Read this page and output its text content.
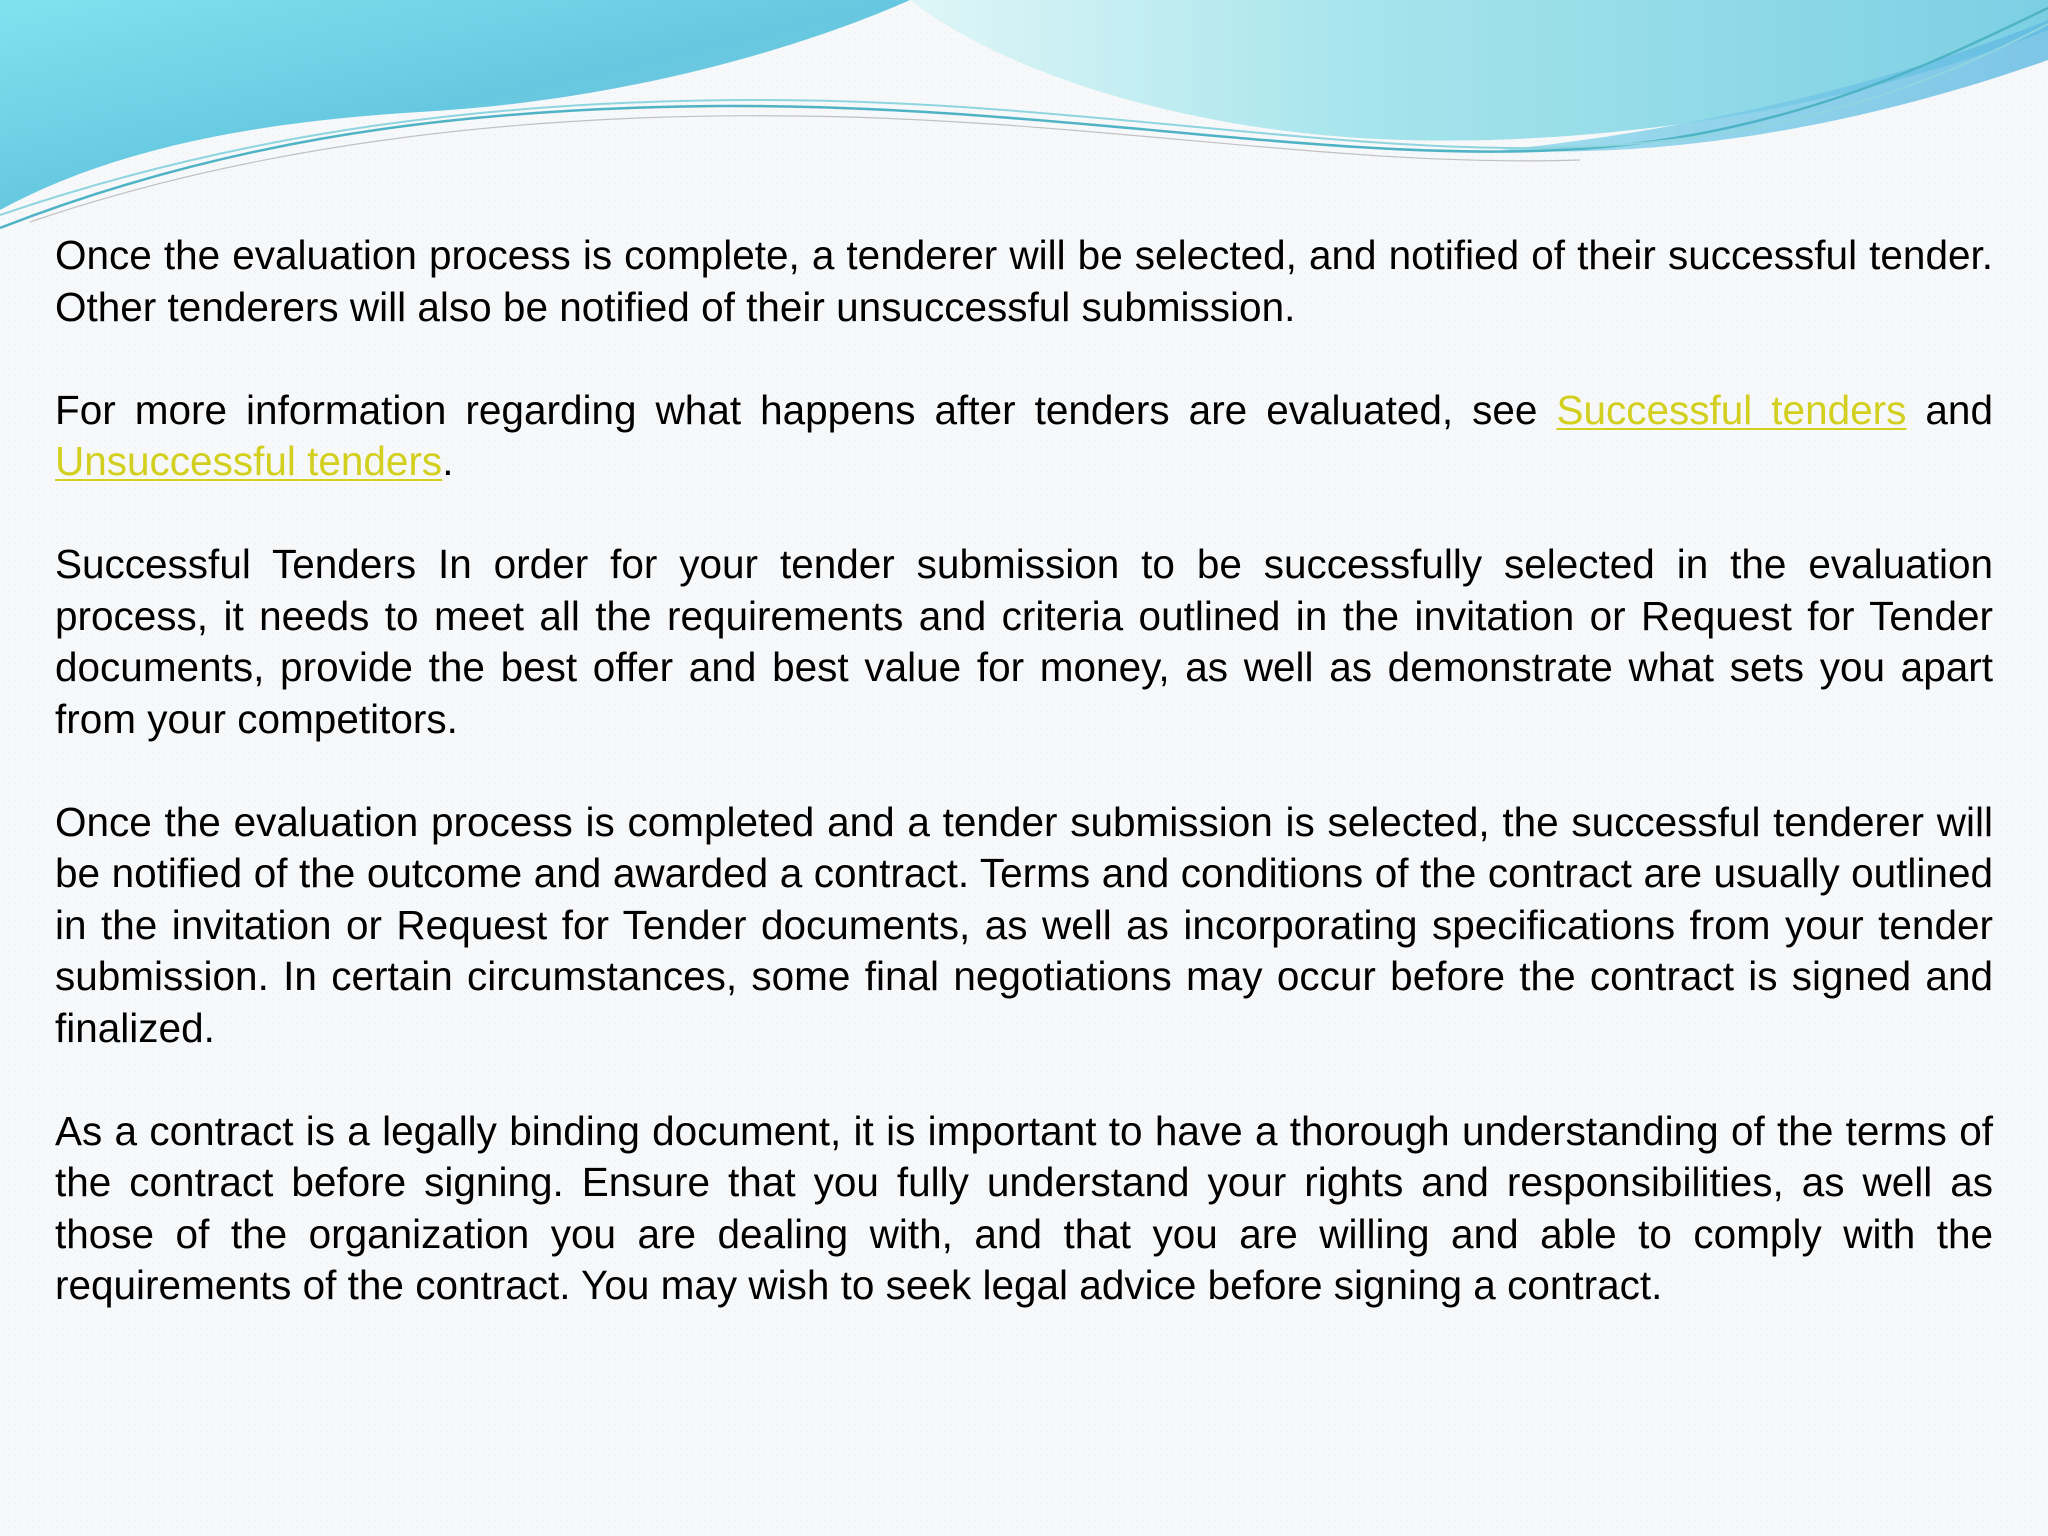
Once the evaluation process is complete, a tenderer will be selected, and notified of their successful tender. Other tenderers will also be notified of their unsuccessful submission.

For more information regarding what happens after tenders are evaluated, see Successful tenders and Unsuccessful tenders.

Successful Tenders In order for your tender submission to be successfully selected in the evaluation process, it needs to meet all the requirements and criteria outlined in the invitation or Request for Tender documents, provide the best offer and best value for money, as well as demonstrate what sets you apart from your competitors.

Once the evaluation process is completed and a tender submission is selected, the successful tenderer will be notified of the outcome and awarded a contract. Terms and conditions of the contract are usually outlined in the invitation or Request for Tender documents, as well as incorporating specifications from your tender submission. In certain circumstances, some final negotiations may occur before the contract is signed and finalized.

As a contract is a legally binding document, it is important to have a thorough understanding of the terms of the contract before signing. Ensure that you fully understand your rights and responsibilities, as well as those of the organization you are dealing with, and that you are willing and able to comply with the requirements of the contract. You may wish to seek legal advice before signing a contract.
